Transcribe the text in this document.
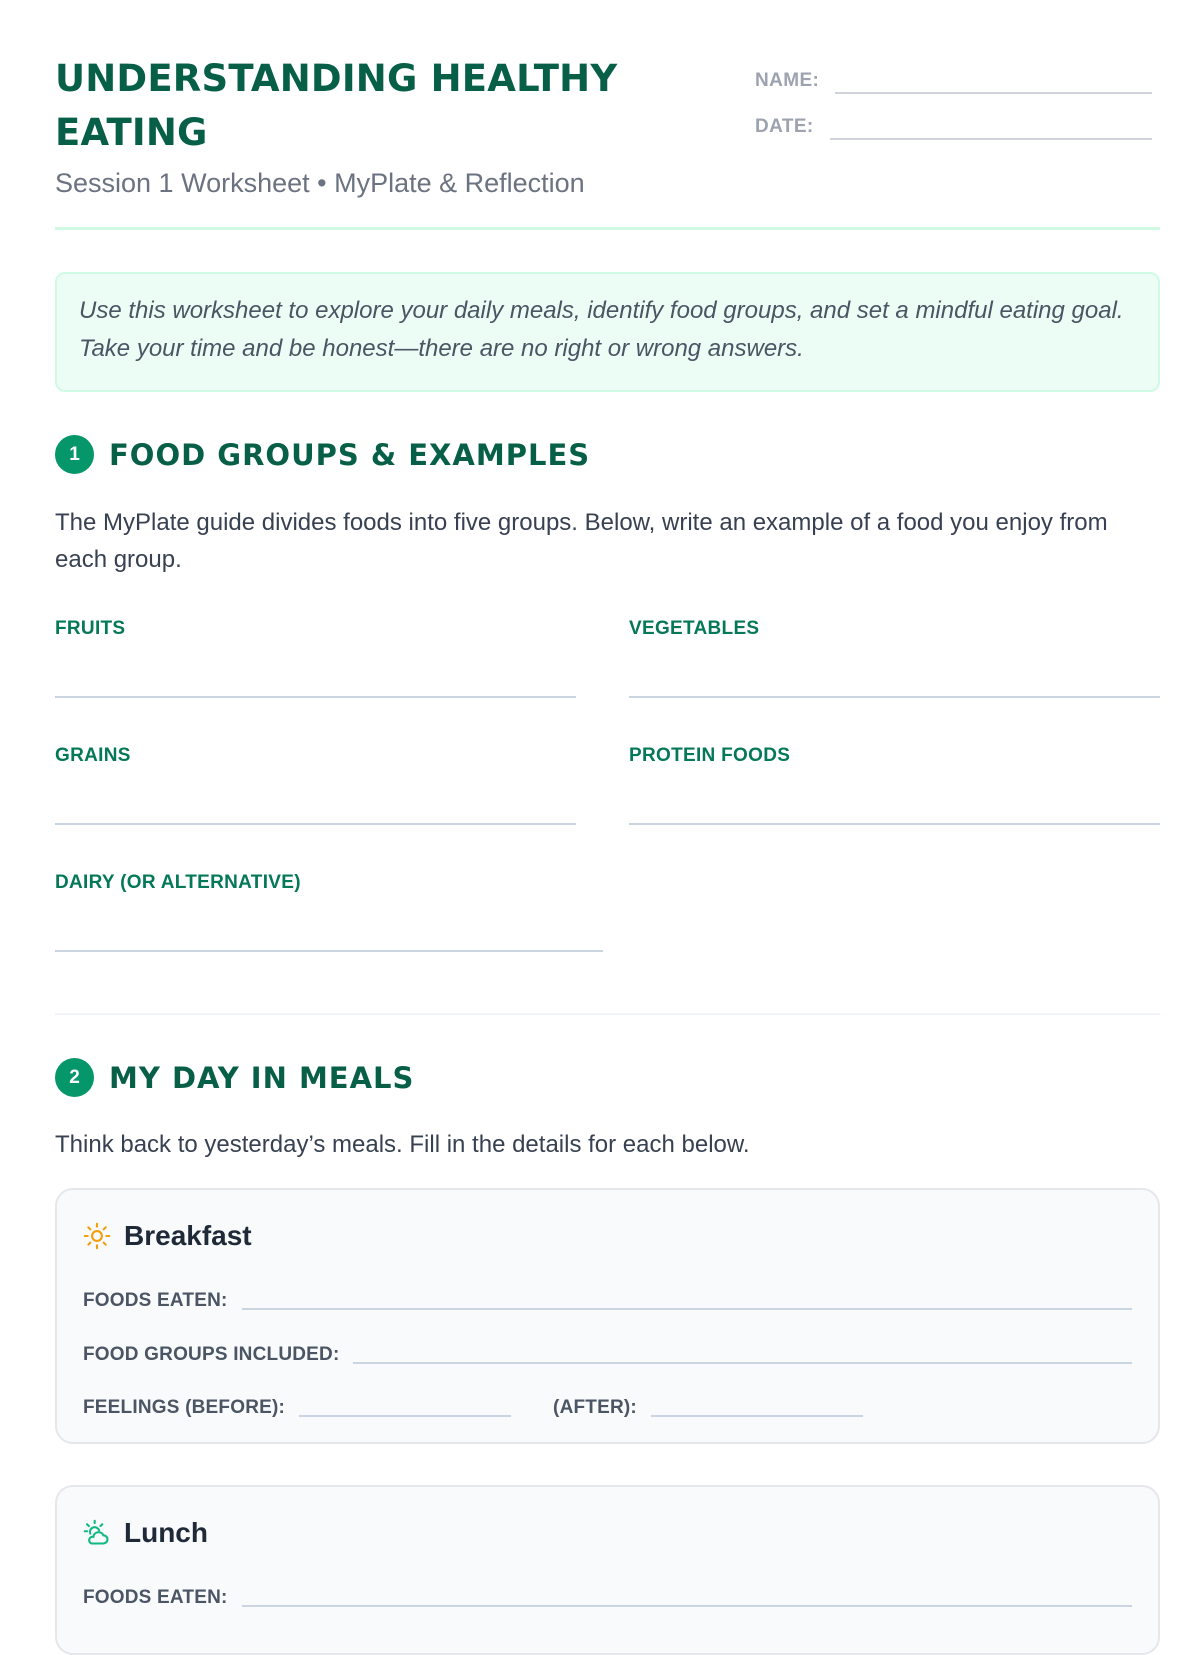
UNDERSTANDING HEALTHY EATING

Session 1 Worksheet • MyPlate & Reflection

NAME:
DATE:
Use this worksheet to explore your daily meals, identify food groups, and set a mindful eating goal. Take your time and be honest—there are no right or wrong answers.
1	FOOD GROUPS & EXAMPLES

The MyPlate guide divides foods into five groups. Below, write an example of a food you enjoy from each group.

FRUITS	VEGETABLES
GRAINS	PROTEIN FOODS
DAIRY (OR ALTERNATIVE)
2	MY DAY IN MEALS

Think back to yesterday’s meals. Fill in the details for each below.

Breakfast
FOODS EATEN:
FOOD GROUPS INCLUDED:
FEELINGS (BEFORE):	(AFTER):
Lunch
FOODS EATEN:
